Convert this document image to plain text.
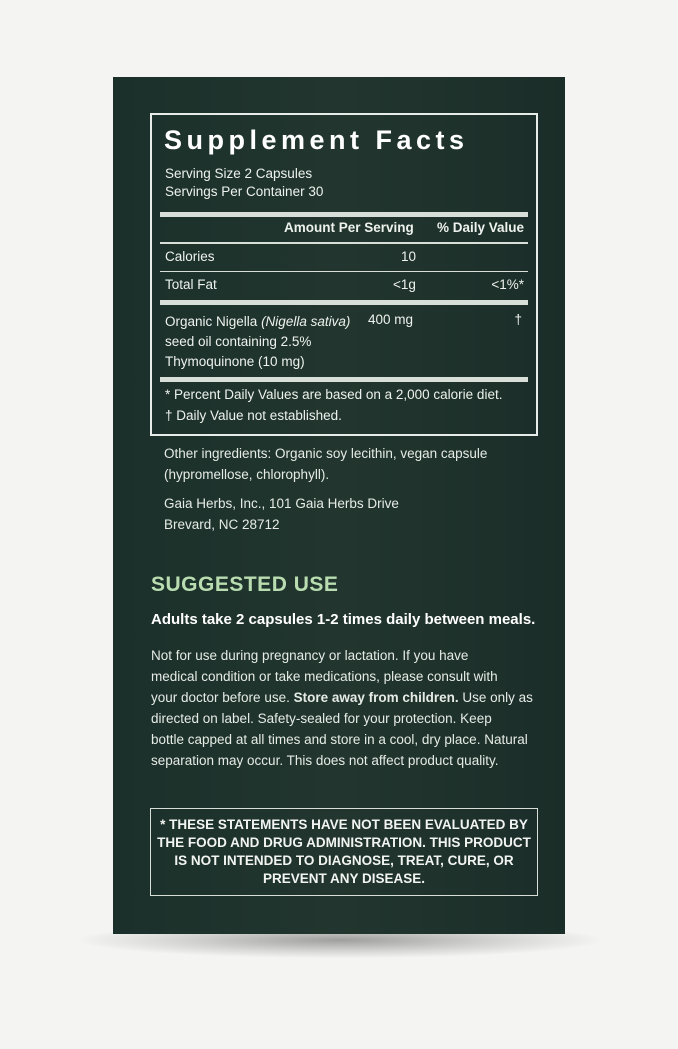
Supplement Facts
Serving Size 2 Capsules
Servings Per Container 30
Amount Per Serving % Daily Value
Calories	10
Total Fat	<1g	<1%*
Organic Nigella (Nigella sativa)
seed oil containing 2.5%
Thymoquinone (10 mg)
400 mg	†
* Percent Daily Values are based on a 2,000 calorie diet.
† Daily Value not established.
Other ingredients: Organic soy lecithin, vegan capsule
(hypromellose, chlorophyll).
Gaia Herbs, Inc., 101 Gaia Herbs Drive
Brevard, NC 28712
SUGGESTED USE
Adults take 2 capsules 1-2 times daily between meals.
Not for use during pregnancy or lactation. If you have
medical condition or take medications, please consult with
your doctor before use. Store away from children. Use only as
directed on label. Safety-sealed for your protection. Keep
bottle capped at all times and store in a cool, dry place. Natural
separation may occur. This does not affect product quality.
* THESE STATEMENTS HAVE NOT BEEN EVALUATED BY
THE FOOD AND DRUG ADMINISTRATION. THIS PRODUCT
IS NOT INTENDED TO DIAGNOSE, TREAT, CURE, OR
PREVENT ANY DISEASE.
